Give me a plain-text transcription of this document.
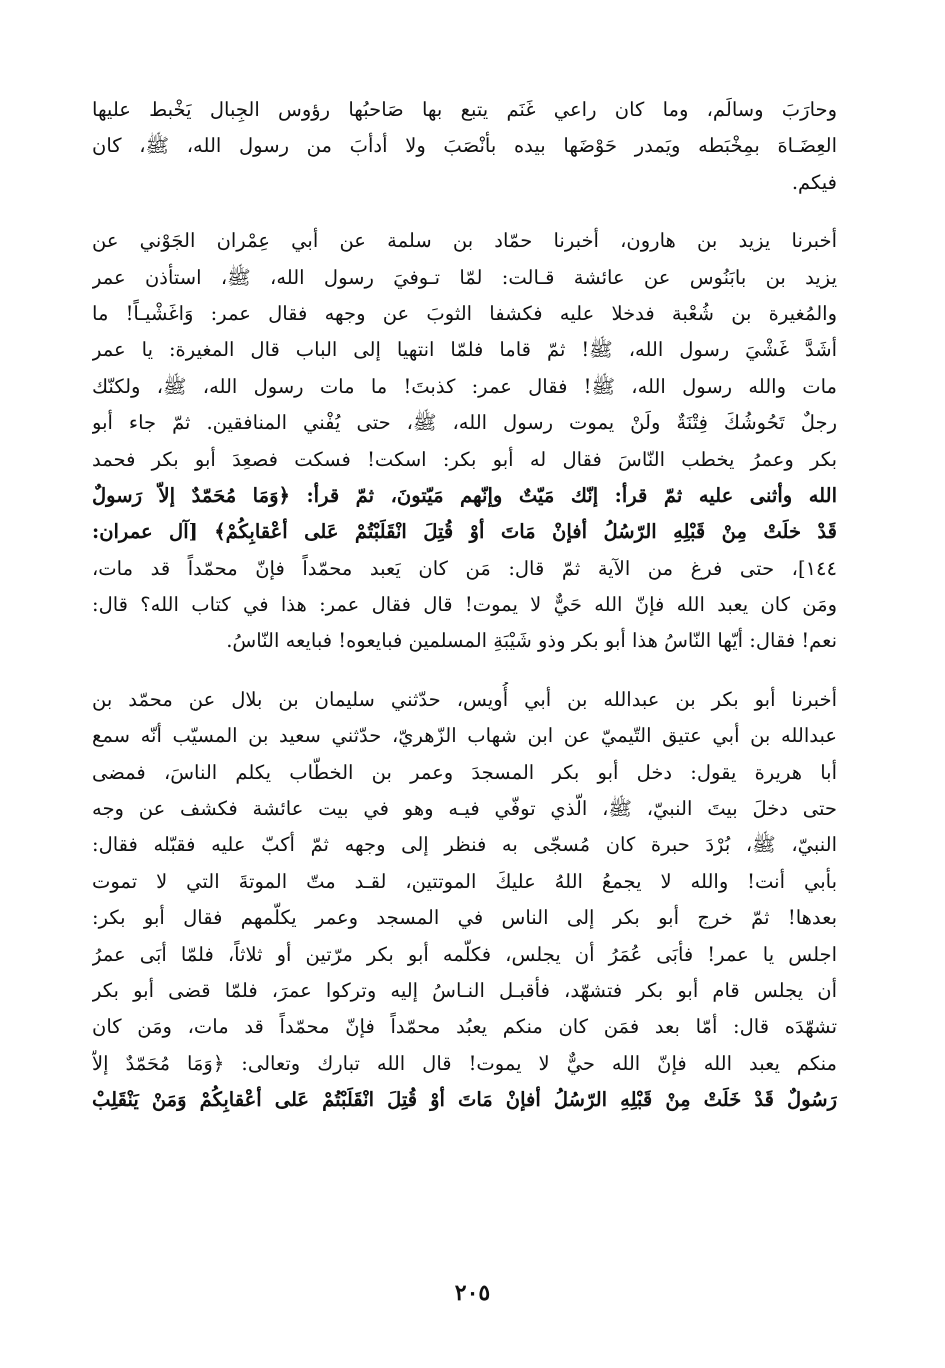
وحارَبَ وسالَم، وما كان راعي غَنَم يتبع بها صَاحبُها رؤوس الجِبال يَخْبط عليها
العِضَـاهَ بمِخْبَطه ويَمدر حَوْضَها بيده بأنْصَبَ ولا أدأبَ من رسول الله، ﷺ، كان
فيكم.
أخبرنا يزيد بن هارون، أخبرنا حمّاد بن سلمة عن أبي عِمْران الجَوْني عن
يزيد بن بابَنُوس عن عائشة قـالت: لمّا تـوفيَ رسول الله، ﷺ، استأذن عمر
والمُغيرة بن شُعْبة فدخلا عليه فكشفا الثوبَ عن وجهه فقال عمر: وَاغَشْيـاً! ما
أشَدَّ غَشْيَ رسول الله، ﷺ! ثمّ قاما فلمّا انتهيا إلى الباب قال المغيرة: يا عمر
مات والله رسول الله، ﷺ! فقال عمر: كذبتَ! ما مات رسول الله، ﷺ، ولكنّك
رجلٌ تَحُوشُكَ فِتْنَةٌ ولَنْ يموت رسول الله، ﷺ، حتى يُفْني المنافقين. ثمّ جاء أبو
بكر وعمرُ يخطب النّاسَ فقال له أبو بكر: اسكت! فسكت فصعِدَ أبو بكر فحمد
الله وأثنى عليه ثمّ قرأ: إنّك مَيّتٌ وإنّهم مَيّتونَ، ثمّ قرأ: ﴿وَمَا مُحَمّدٌ إلاّ رَسولٌ
قَدْ خلَتْ مِنْ قَبْلِهِ الرّسُلُ أفإنْ مَاتَ أوْ قُتِلَ انْقَلَبْتُمْ عَلى أعْقابِكُمْ﴾ [آل عمران:
١٤٤]، حتى فرغ من الآية ثمّ قال: مَن كان يَعبد محمّداً فإنّ محمّداً قد مات،
ومَن كان يعبد الله فإنّ الله حَيٌّ لا يموت! قال فقال عمر: هذا في كتاب الله؟ قال:
نعم! فقال: أيّها النّاسُ هذا أبو بكر وذو شَيْبَةِ المسلمين فبايعوه! فبايعه النّاسُ.
أخبرنا أبو بكر بن عبدالله بن أبي أُويس، حدّثني سليمان بن بلال عن محمّد بن
عبدالله بن أبي عتيق التّيميّ عن ابن شهاب الزّهريّ، حدّثني سعيد بن المسيّب أنّه سمع
أبا هريرة يقول: دخل أبو بكر المسجدَ وعمر بن الخطّاب يكلم الناسَ، فمضى
حتى دخلَ بيتَ النبيّ، ﷺ، الّذي توفّي فيـه وهو في بيت عائشة فكشف عن وجه
النبيّ، ﷺ، بُرْدَ حبرة كان مُسجّى به فنظر إلى وجهه ثمّ أكبّ عليه فقبّله فقال:
بأبي أنت! والله لا يجمعُ اللهُ عليكَ الموتتين، لقـد متّ الموتةَ التي لا تموت
بعدها! ثمّ خرج أبو بكر إلى الناس في المسجد وعمر يكلّمهم فقال أبو بكر:
اجلس يا عمر! فأبَى عُمَرُ أن يجلس، فكلّمه أبو بكر مرّتين أو ثلاثاً، فلمّا أبَى عمرُ
أن يجلس قام أبو بكر فتشهّد، فأقبـل النـاسُ إليه وتركوا عمرَ، فلمّا قضى أبو بكر
تشهّدَه قال: أمّا بعد فمَن كان منكم يعبُد محمّداً فإنّ محمّداً قد مات، ومَن كان
منكم يعبد الله فإنّ الله حيٌّ لا يموت! قال الله تبارك وتعالى: ﴿وَمَا مُحَمّدٌ إلاّ
رَسُولٌ قَدْ خَلَتْ مِنْ قَبْلِهِ الرّسُلُ أفإنْ مَاتَ أوْ قُتِلَ انْقَلَبْتُمْ عَلى أعْقابِكُمْ وَمَنْ يَنْقَلِبْ
٢٠٥
